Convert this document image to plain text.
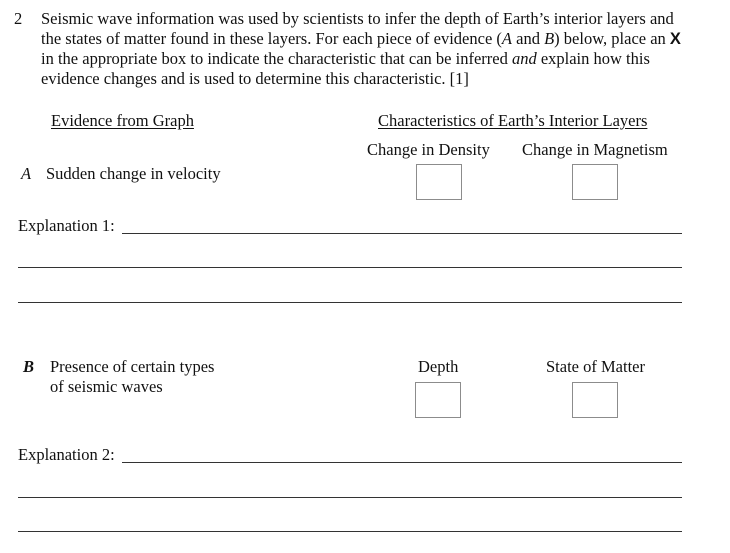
2 Seismic wave information was used by scientists to infer the depth of Earth’s interior layers and
the states of matter found in these layers. For each piece of evidence (A and B) below, place an X
in the appropriate box to indicate the characteristic that can be inferred and explain how this
evidence changes and is used to determine this characteristic. [1]
Evidence from Graph	Characteristics of Earth’s Interior Layers
Change in Density Change in Magnetism
A Sudden change in velocity
Explanation 1:
B Presence of certain types
of seismic waves
Depth	State of Matter
Explanation 2:
